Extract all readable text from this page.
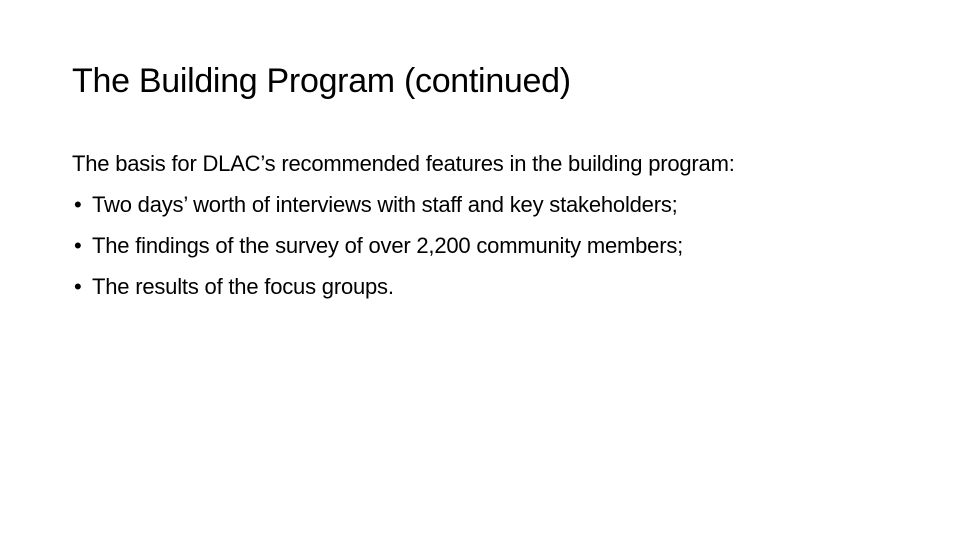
The Building Program (continued)
The basis for DLAC’s recommended features in the building program:
• Two days’ worth of interviews with staff and key stakeholders;
• The findings of the survey of over 2,200 community members;
• The results of the focus groups.
